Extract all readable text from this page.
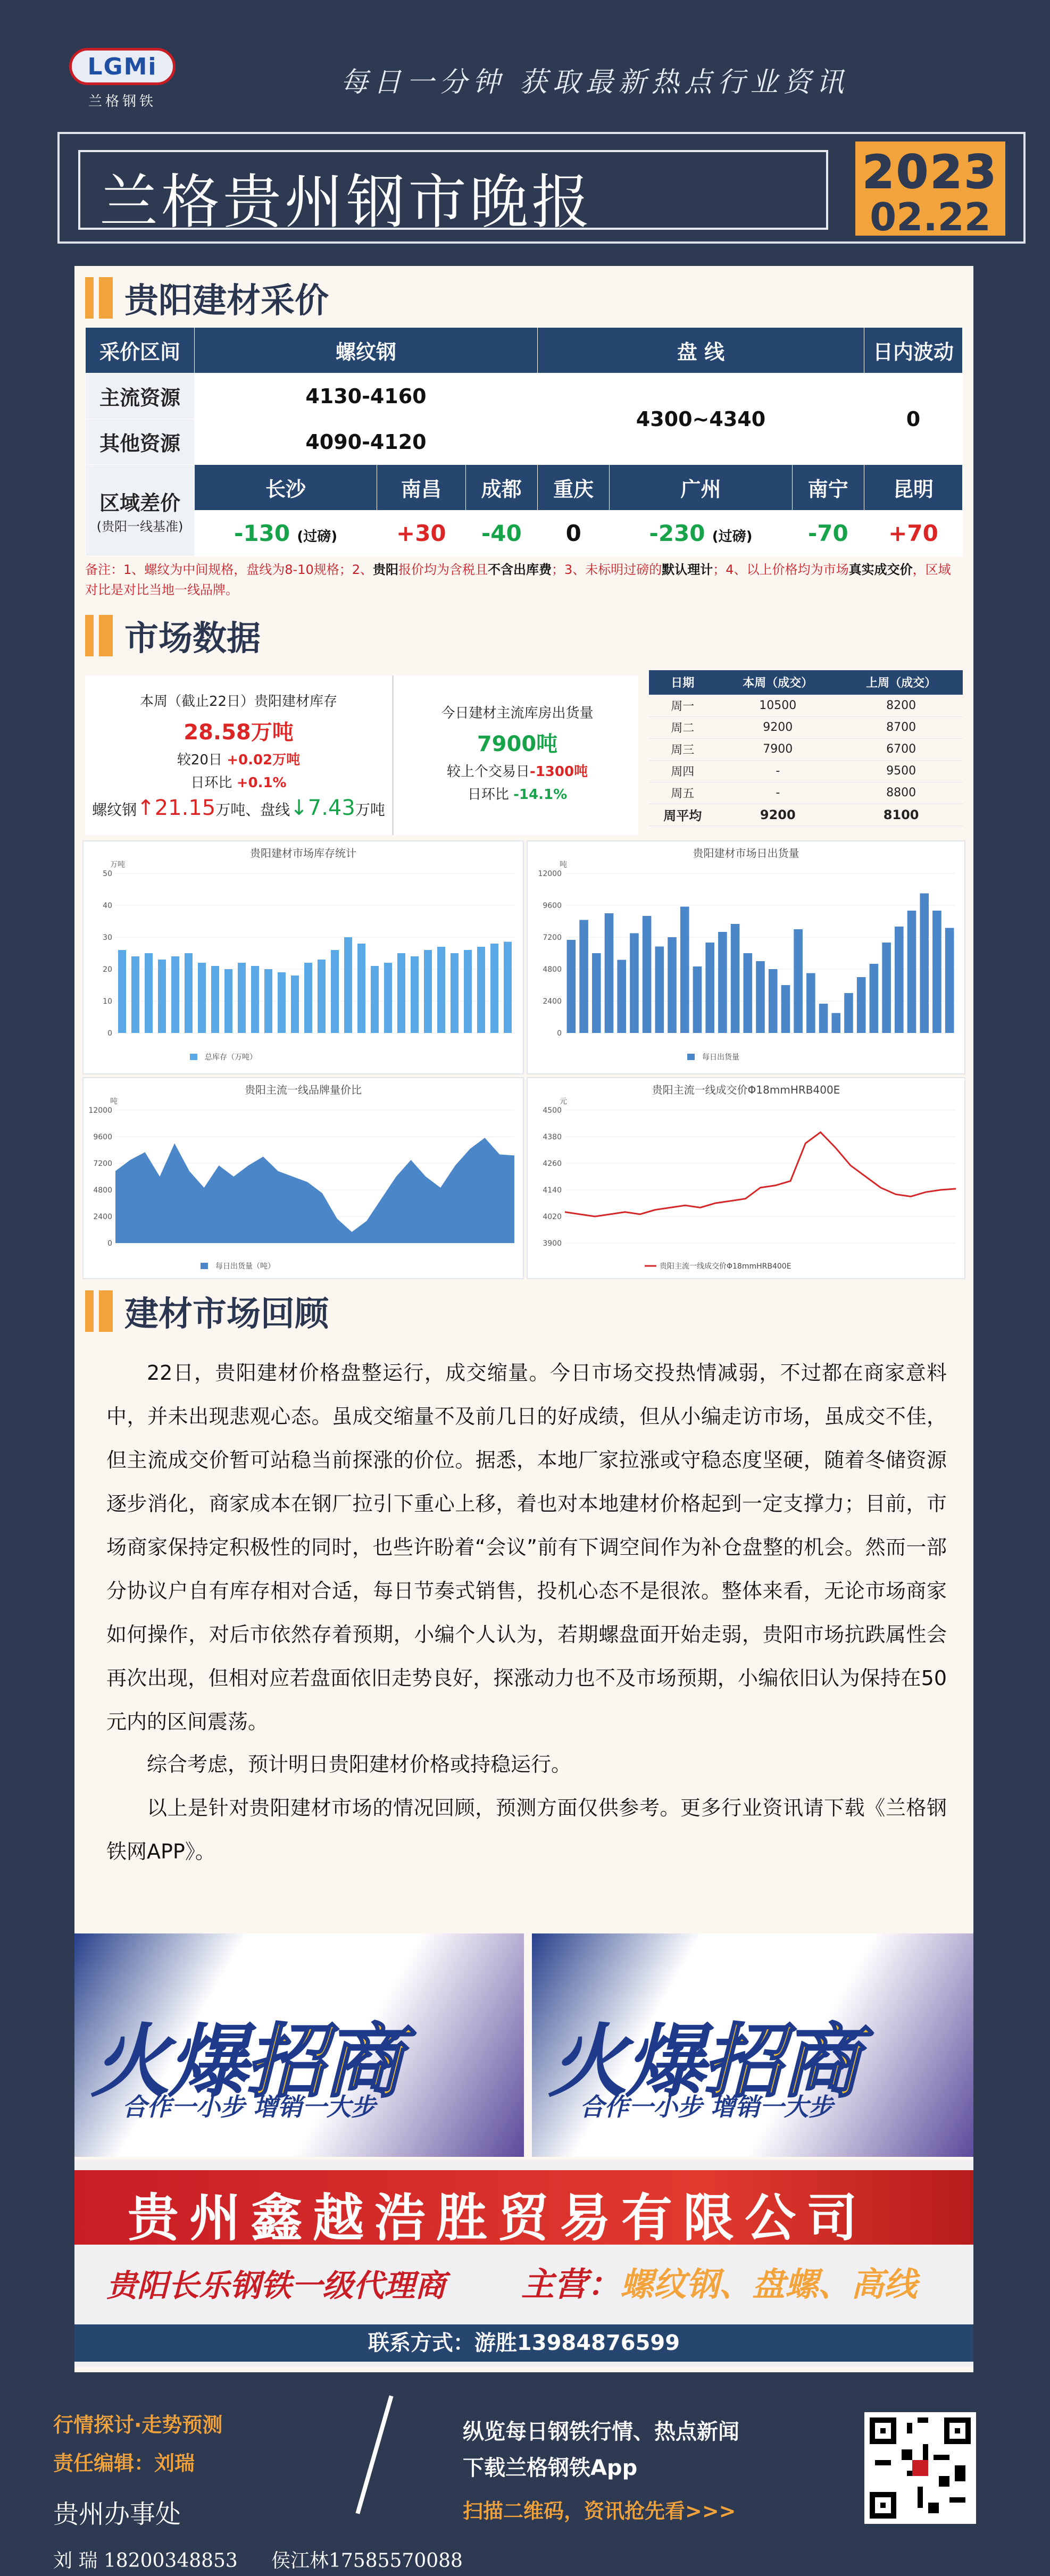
LGMi
兰格钢铁
每日一分钟 获取最新热点行业资讯
兰格贵州钢市晚报	2023
02.22
贵阳建材采价
采价区间	螺纹钢			盘 线			日内波动
主流资源	4130-4160			4300~4340			0
其他资源	4090-4120						

区域差价
(贵阳一线基准)	长沙	南昌	成都	重庆	广州	南宁	昆明
	-130 (过磅)	+30	-40	0	-230 (过磅)	-70	+70
备注：1、螺纹为中间规格，盘线为8-10规格；2、贵阳报价均为含税且不含出库费；3、未标明过磅的默认理计；4、以上价格均为市场真实成交价，区域对比是对比当地一线品牌。
市场数据
本周（截止22日）贵阳建材库存
28.58万吨
较20日 +0.02万吨
日环比 +0.1%
螺纹钢↑21.15万吨、盘线↓7.43万吨
今日建材主流库房出货量
7900吨
较上个交易日-1300吨
日环比 -14.1%
日期	本周（成交）	上周（成交）
周一	10500	8200
周二	9200	8700
周三	7900	6700
周四	-	9500
周五	-	8800
周平均	9200	8100
贵阳建材市场库存统计
0
10
20
30
40
50
万吨
总库存（万吨）
贵阳建材市场日出货量
0
2400
4800
7200
9600
12000
吨
每日出货量
贵阳主流一线品牌量价比
0
2400
4800
7200
9600
12000
吨
每日出货量（吨）
贵阳主流一线成交价Φ18mmHRB400E
3900
4020
4140
4260
4380
4500
元
贵阳主流一线成交价Φ18mmHRB400E
建材市场回顾
22日，贵阳建材价格盘整运行，成交缩量。今日市场交投热情减弱，不过都在商家意料中，并未出现悲观心态。虽成交缩量不及前几日的好成绩，但从小编走访市场，虽成交不佳，但主流成交价暂可站稳当前探涨的价位。据悉，本地厂家拉涨或守稳态度坚硬，随着冬储资源逐步消化，商家成本在钢厂拉引下重心上移，着也对本地建材价格起到一定支撑力；目前，市场商家保持定积极性的同时，也些许盼着“会议”前有下调空间作为补仓盘整的机会。然而一部分协议户自有库存相对合适，每日节奏式销售，投机心态不是很浓。整体来看，无论市场商家如何操作，对后市依然存着预期，小编个人认为，若期螺盘面开始走弱，贵阳市场抗跌属性会再次出现，但相对应若盘面依旧走势良好，探涨动力也不及市场预期，小编依旧认为保持在50元内的区间震荡。
综合考虑，预计明日贵阳建材价格或持稳运行。
以上是针对贵阳建材市场的情况回顾，预测方面仅供参考。更多行业资讯请下载《兰格钢铁网APP》。
火爆招商
合作一小步 增销一大步 火爆招商
合作一小步 增销一大步
贵州鑫越浩胜贸易有限公司
贵阳长乐钢铁一级代理商 主营：螺纹钢、盘螺、高线
联系方式：游胜13984876599
行情探讨·走势预测
责任编辑：刘瑞
贵州办事处
刘 瑞 18200348853 侯江林17585570088
纵览每日钢铁行情、热点新闻
下载兰格钢铁App
扫描二维码，资讯抢先看>>>
